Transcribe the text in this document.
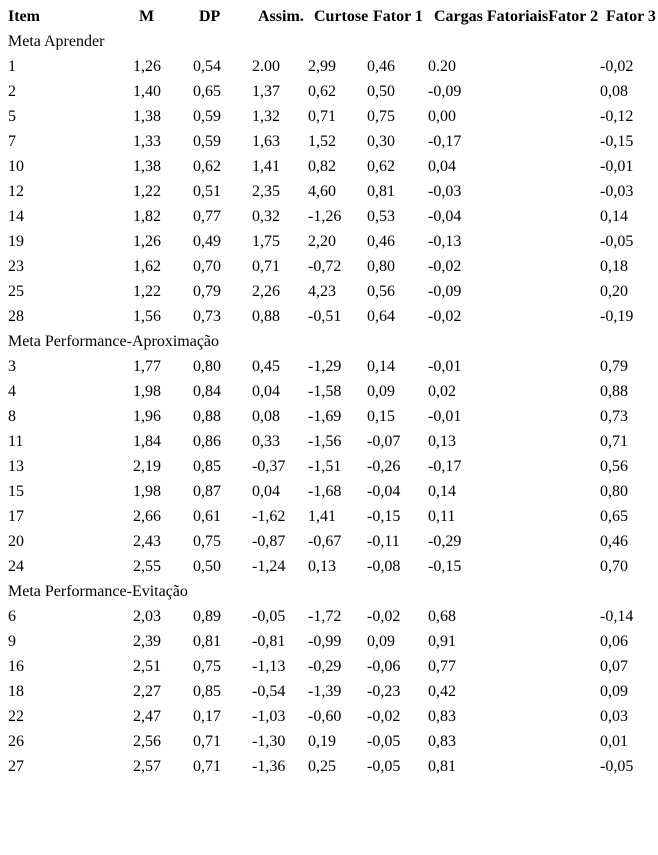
Item	M	DP	Assim.	Curtose	Fator 1	Cargas FatoriaisFator 2	Fator 3
Meta Aprender							
1	1,26	0,54	2.00	2,99	0,46	0.20	-0,02
2	1,40	0,65	1,37	0,62	0,50	-0,09	0,08
5	1,38	0,59	1,32	0,71	0,75	0,00	-0,12
7	1,33	0,59	1,63	1,52	0,30	-0,17	-0,15
10	1,38	0,62	1,41	0,82	0,62	0,04	-0,01
12	1,22	0,51	2,35	4,60	0,81	-0,03	-0,03
14	1,82	0,77	0,32	-1,26	0,53	-0,04	0,14
19	1,26	0,49	1,75	2,20	0,46	-0,13	-0,05
23	1,62	0,70	0,71	-0,72	0,80	-0,02	0,18
25	1,22	0,79	2,26	4,23	0,56	-0,09	0,20
28	1,56	0,73	0,88	-0,51	0,64	-0,02	-0,19
Meta Performance-Aproximação							
3	1,77	0,80	0,45	-1,29	0,14	-0,01	0,79
4	1,98	0,84	0,04	-1,58	0,09	0,02	0,88
8	1,96	0,88	0,08	-1,69	0,15	-0,01	0,73
11	1,84	0,86	0,33	-1,56	-0,07	0,13	0,71
13	2,19	0,85	-0,37	-1,51	-0,26	-0,17	0,56
15	1,98	0,87	0,04	-1,68	-0,04	0,14	0,80
17	2,66	0,61	-1,62	1,41	-0,15	0,11	0,65
20	2,43	0,75	-0,87	-0,67	-0,11	-0,29	0,46
24	2,55	0,50	-1,24	0,13	-0,08	-0,15	0,70
Meta Performance-Evitação							
6	2,03	0,89	-0,05	-1,72	-0,02	0,68	-0,14
9	2,39	0,81	-0,81	-0,99	0,09	0,91	0,06
16	2,51	0,75	-1,13	-0,29	-0,06	0,77	0,07
18	2,27	0,85	-0,54	-1,39	-0,23	0,42	0,09
22	2,47	0,17	-1,03	-0,60	-0,02	0,83	0,03
26	2,56	0,71	-1,30	0,19	-0,05	0,83	0,01
27	2,57	0,71	-1,36	0,25	-0,05	0,81	-0,05
